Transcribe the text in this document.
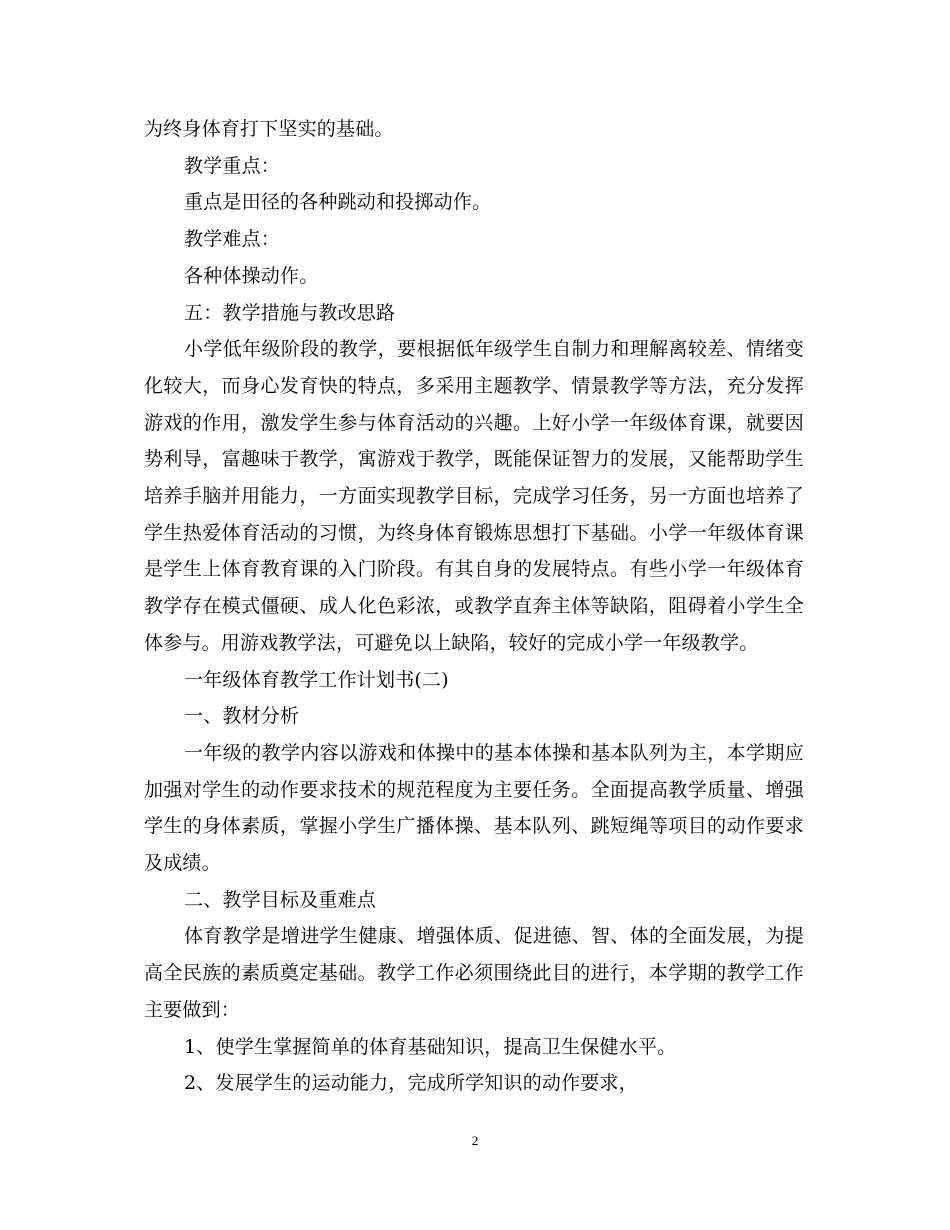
为终身体育打下坚实的基础。

教学重点：

重点是田径的各种跳动和投掷动作。

教学难点：

各种体操动作。

五：教学措施与教改思路

小学低年级阶段的教学，要根据低年级学生自制力和理解离较差、情绪变化较大，而身心发育快的特点，多采用主题教学、情景教学等方法，充分发挥游戏的作用，激发学生参与体育活动的兴趣。上好小学一年级体育课，就要因势利导，富趣味于教学，寓游戏于教学，既能保证智力的发展，又能帮助学生培养手脑并用能力，一方面实现教学目标，完成学习任务，另一方面也培养了学生热爱体育活动的习惯，为终身体育锻炼思想打下基础。小学一年级体育课是学生上体育教育课的入门阶段。有其自身的发展特点。有些小学一年级体育教学存在模式僵硬、成人化色彩浓，或教学直奔主体等缺陷，阻碍着小学生全体参与。用游戏教学法，可避免以上缺陷，较好的完成小学一年级教学。

一年级体育教学工作计划书(二)

一、教材分析

一年级的教学内容以游戏和体操中的基本体操和基本队列为主，本学期应加强对学生的动作要求技术的规范程度为主要任务。全面提高教学质量、增强学生的身体素质，掌握小学生广播体操、基本队列、跳短绳等项目的动作要求及成绩。

二、教学目标及重难点

体育教学是增进学生健康、增强体质、促进德、智、体的全面发展，为提高全民族的素质奠定基础。教学工作必须围绕此目的进行，本学期的教学工作主要做到：

1、使学生掌握简单的体育基础知识，提高卫生保健水平。

2、发展学生的运动能力，完成所学知识的动作要求，

2
